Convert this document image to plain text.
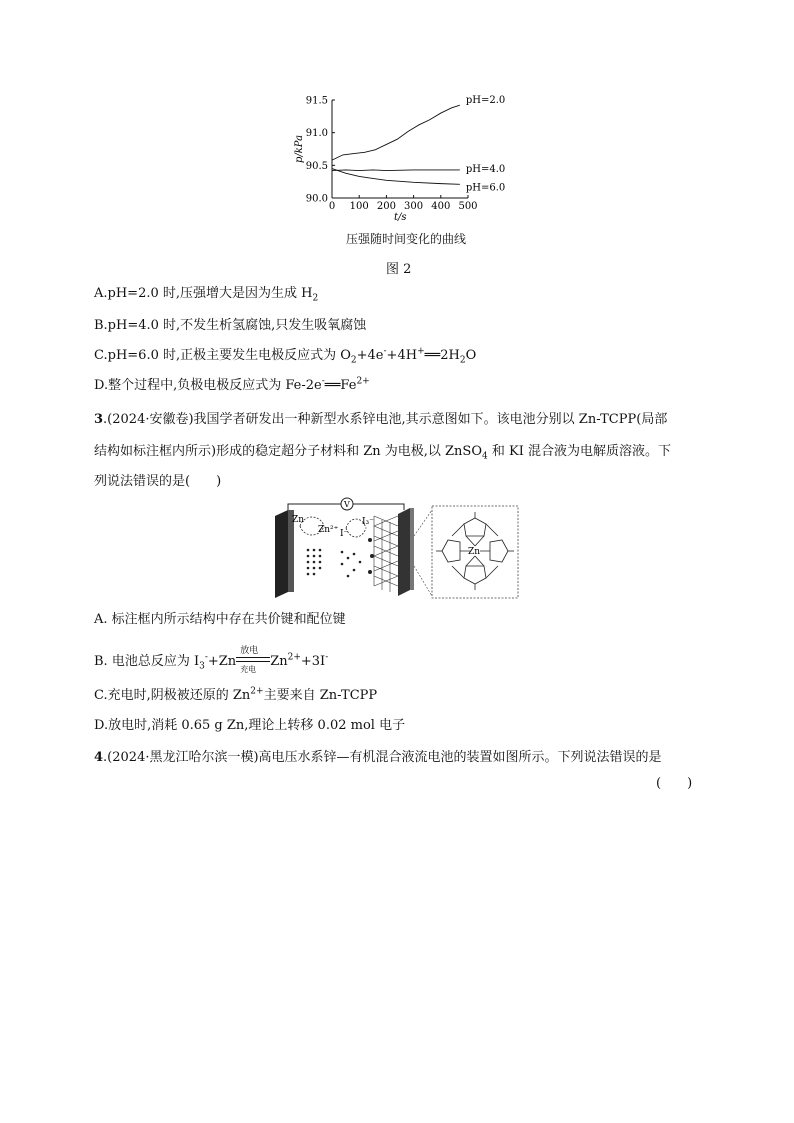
0 100 200 300 400 500
90.0
90.5
91.0
91.5
t/s
p/kPa
pH=2.0
pH=4.0
pH=6.0
压强随时间变化的曲线
图 2
A.pH=2.0 时,压强增大是因为生成 $H_2$
B.pH=4.0 时,不发生析氢腐蚀,只发生吸氧腐蚀
C.pH=6.0 时,正极主要发生电极反应式为 $O_2+4e^-+4H^+══2H_2O$
D.整个过程中,负极电极反应式为 $Fe-2e^-══Fe^{2+}$
3.(2024·安徽卷)我国学者研发出一种新型水系锌电池,其示意图如下。该电池分别以 Zn-TCPP(局部
结构如标注框内所示)形成的稳定超分子材料和 Zn 为电极,以 ZnSO$_4$ 和 KI 混合液为电解质溶液。下
列说法错误的是(　　)
V
Zn
Zn²⁺ I⁻
I₃⁻
Zn
A. 标注框内所示结构中存在共价键和配位键
B. 电池总反应为 $I_3^-+Zn$
放电
充电 $Zn^{2+}+3I^-$
C.充电时,阴极被还原的 $Zn^{2+}$主要来自 Zn-TCPP
D.放电时,消耗 0.65 g Zn,理论上转移 0.02 mol 电子
4.(2024·黑龙江哈尔滨一模)高电压水系锌—有机混合液流电池的装置如图所示。下列说法错误的是
(　　)
